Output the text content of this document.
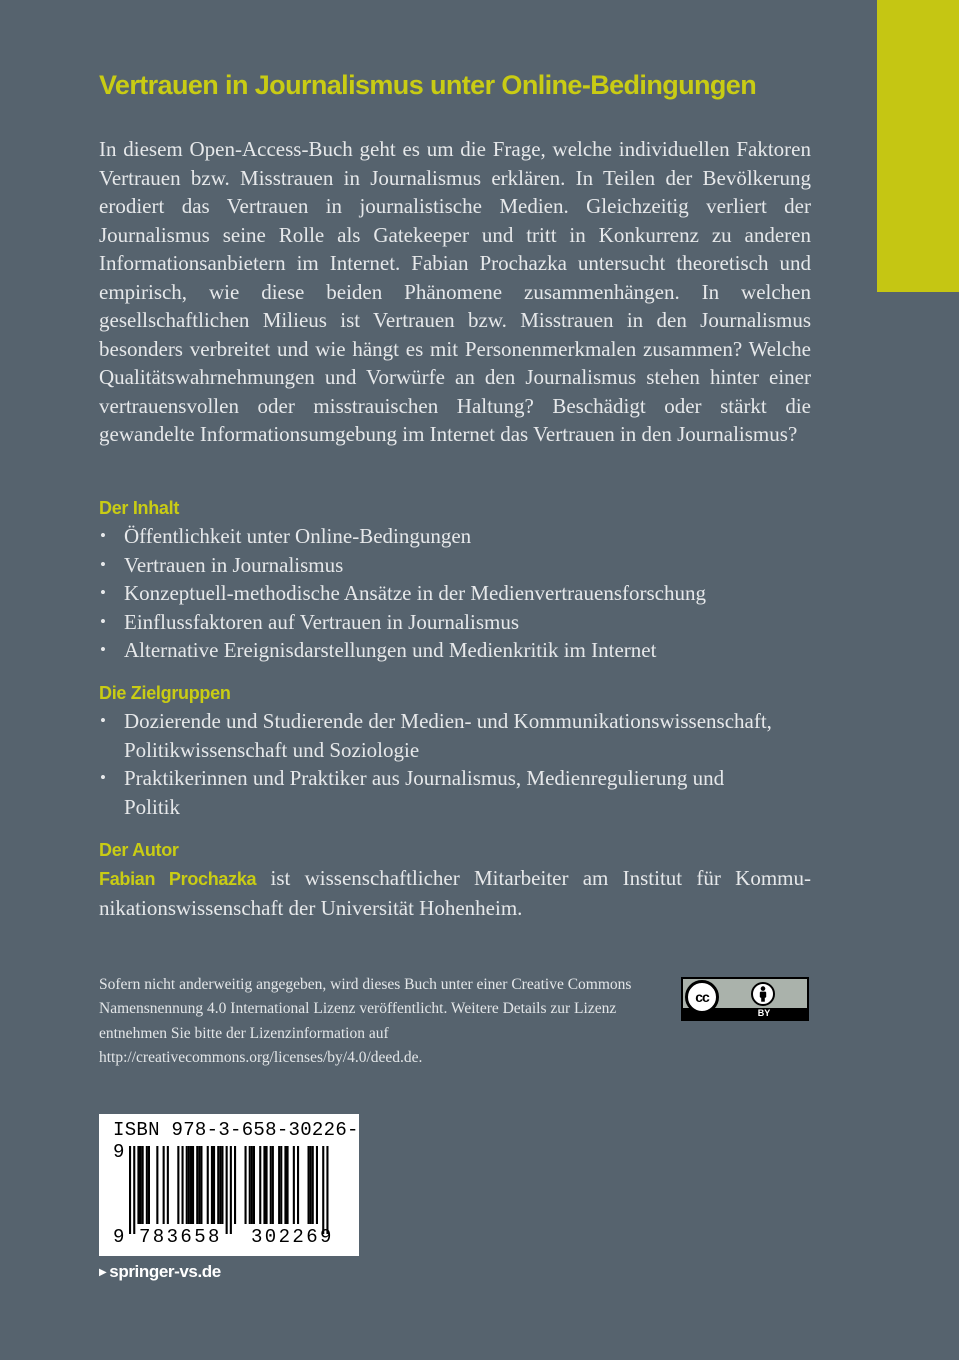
Vertrauen in Journalismus unter Online-Bedingungen

In diesem Open-Access-Buch geht es um die Frage, welche individuellen Faktoren Vertrauen bzw. Misstrauen in Journalismus erklären. In Teilen der Bevölkerung erodiert das Vertrauen in journalistische Medien. Gleichzeitig verliert der Journalismus seine Rolle als Gatekeeper und tritt in Konkurrenz zu anderen Informationsanbietern im Internet. Fabian Prochazka untersucht theoretisch und empirisch, wie diese beiden Phänomene zusammenhängen. In welchen gesellschaftlichen Milieus ist Vertrauen bzw. Misstrauen in den Journalismus besonders verbreitet und wie hängt es mit Personenmerkmalen zusammen? Welche Qualitätswahrnehmungen und Vorwürfe an den Journalismus stehen hinter einer vertrauensvollen oder misstrauischen Haltung? Beschädigt oder stärkt die gewandelte Informationsumgebung im Internet das Vertrauen in den Journalismus?

Der Inhalt
• Öffentlichkeit unter Online-Bedingungen
• Vertrauen in Journalismus
• Konzeptuell-methodische Ansätze in der Medienvertrauensforschung
• Einflussfaktoren auf Vertrauen in Journalismus
• Alternative Ereignisdarstellungen und Medienkritik im Internet
Die Zielgruppen
• Dozierende und Studierende der Medien- und Kommunikationswissenschaft, Politikwissenschaft und Soziologie
• Praktikerinnen und Praktiker aus Journalismus, Medienregulierung und Politik
Der Autor

Fabian Prochazka ist wissenschaftlicher Mitarbeiter am Institut für Kommunikationswissenschaft der Universität Hohenheim.

Sofern nicht anderweitig angegeben, wird dieses Buch unter einer Creative Commons Namensnennung 4.0 International Lizenz veröffentlicht. Weitere Details zur Lizenz entnehmen Sie bitte der Lizenzinformation auf http://creativecommons.org/licenses/by/4.0/deed.de.

cc
BY

ISBN 978-3-658-30226-9

9 783658 302269

▶ springer-vs.de
